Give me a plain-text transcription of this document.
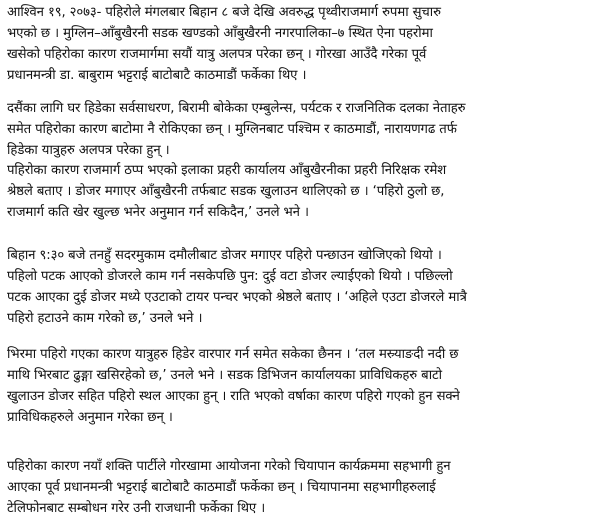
आश्विन १९, २०७३- पहिरोले मंगलबार बिहान ८ बजे देखि अवरुद्ध पृथ्वीराजमार्ग रुपमा सुचारु
भएको छ । मुग्लिन–आँबुखैरनी सडक खण्डको आँबुखैरनी नगरपालिका–७ स्थित ऐना पहरोमा
खसेको पहिरोका कारण राजमार्गमा सयौं यात्रु अलपत्र परेका छन् । गोरखा आउँदै गरेका पूर्व
प्रधानमन्त्री डा. बाबुराम भट्टराई बाटोबाटै काठमाडौं फर्केका थिए ।
दसैंका लागि घर हिडेका सर्वसाधरण, बिरामी बोकेका एम्बुलेन्स, पर्यटक र राजनितिक दलका नेताहरु
समेत पहिरोका कारण बाटोमा नै रोकिएका छन् । मुग्लिनबाट पश्चिम र काठमाडौं, नारायणगढ तर्फ
हिडेका यात्रुहरु अलपत्र परेका हुन् ।
पहिरोका कारण राजमार्ग ठप्प भएको इलाका प्रहरी कार्यालय आँबुखैरनीका प्रहरी निरिक्षक रमेश
श्रेष्ठले बताए । डोजर मगाएर आँबुखैरनी तर्फबाट सडक खुलाउन थालिएको छ । ‘पहिरो ठुलो छ,
राजमार्ग कति खेर खुल्छ भनेर अनुमान गर्न सकिदैन,’ उनले भने ।
बिहान ९:३० बजे तनहुँ सदरमुकाम दमौलीबाट डोजर मगाएर पहिरो पन्छाउन खोजिएको थियो ।
पहिलो पटक आएको डोजरले काम गर्न नसकेपछि पुन: दुई वटा डोजर ल्याईएको थियो । पछिल्लो
पटक आएका दुई डोजर मध्ये एउटाको टायर पन्चर भएको श्रेष्ठले बताए । ‘अहिले एउटा डोजरले मात्रै
पहिरो हटाउने काम गरेको छ,’ उनले भने ।
भिरमा पहिरो गएका कारण यात्रुहरु हिडेर वारपार गर्न समेत सकेका छैनन । ‘तल मस्र्याङदी नदी छ
माथि भिरबाट ढुङ्गा खसिरहेको छ,’ उनले भने । सडक डिभिजन कार्यालयका प्राविधिकहरु बाटो
खुलाउन डोजर सहित पहिरो स्थल आएका हुन् । राति भएको वर्षाका कारण पहिरो गएको हुन सक्ने
प्राविधिकहरुले अनुमान गरेका छन् ।
पहिरोका कारण नयाँ शक्ति पार्टीले गोरखामा आयोजना गरेको चियापान कार्यक्रममा सहभागी हुन
आएका पूर्व प्रधानमन्त्री भट्टराई बाटोबाटै काठमाडौं फर्केका छन् । चियापानमा सहभागीहरुलाई
टेलिफोनबाट सम्बोधन गरेर उनी राजधानी फर्केका थिए ।
